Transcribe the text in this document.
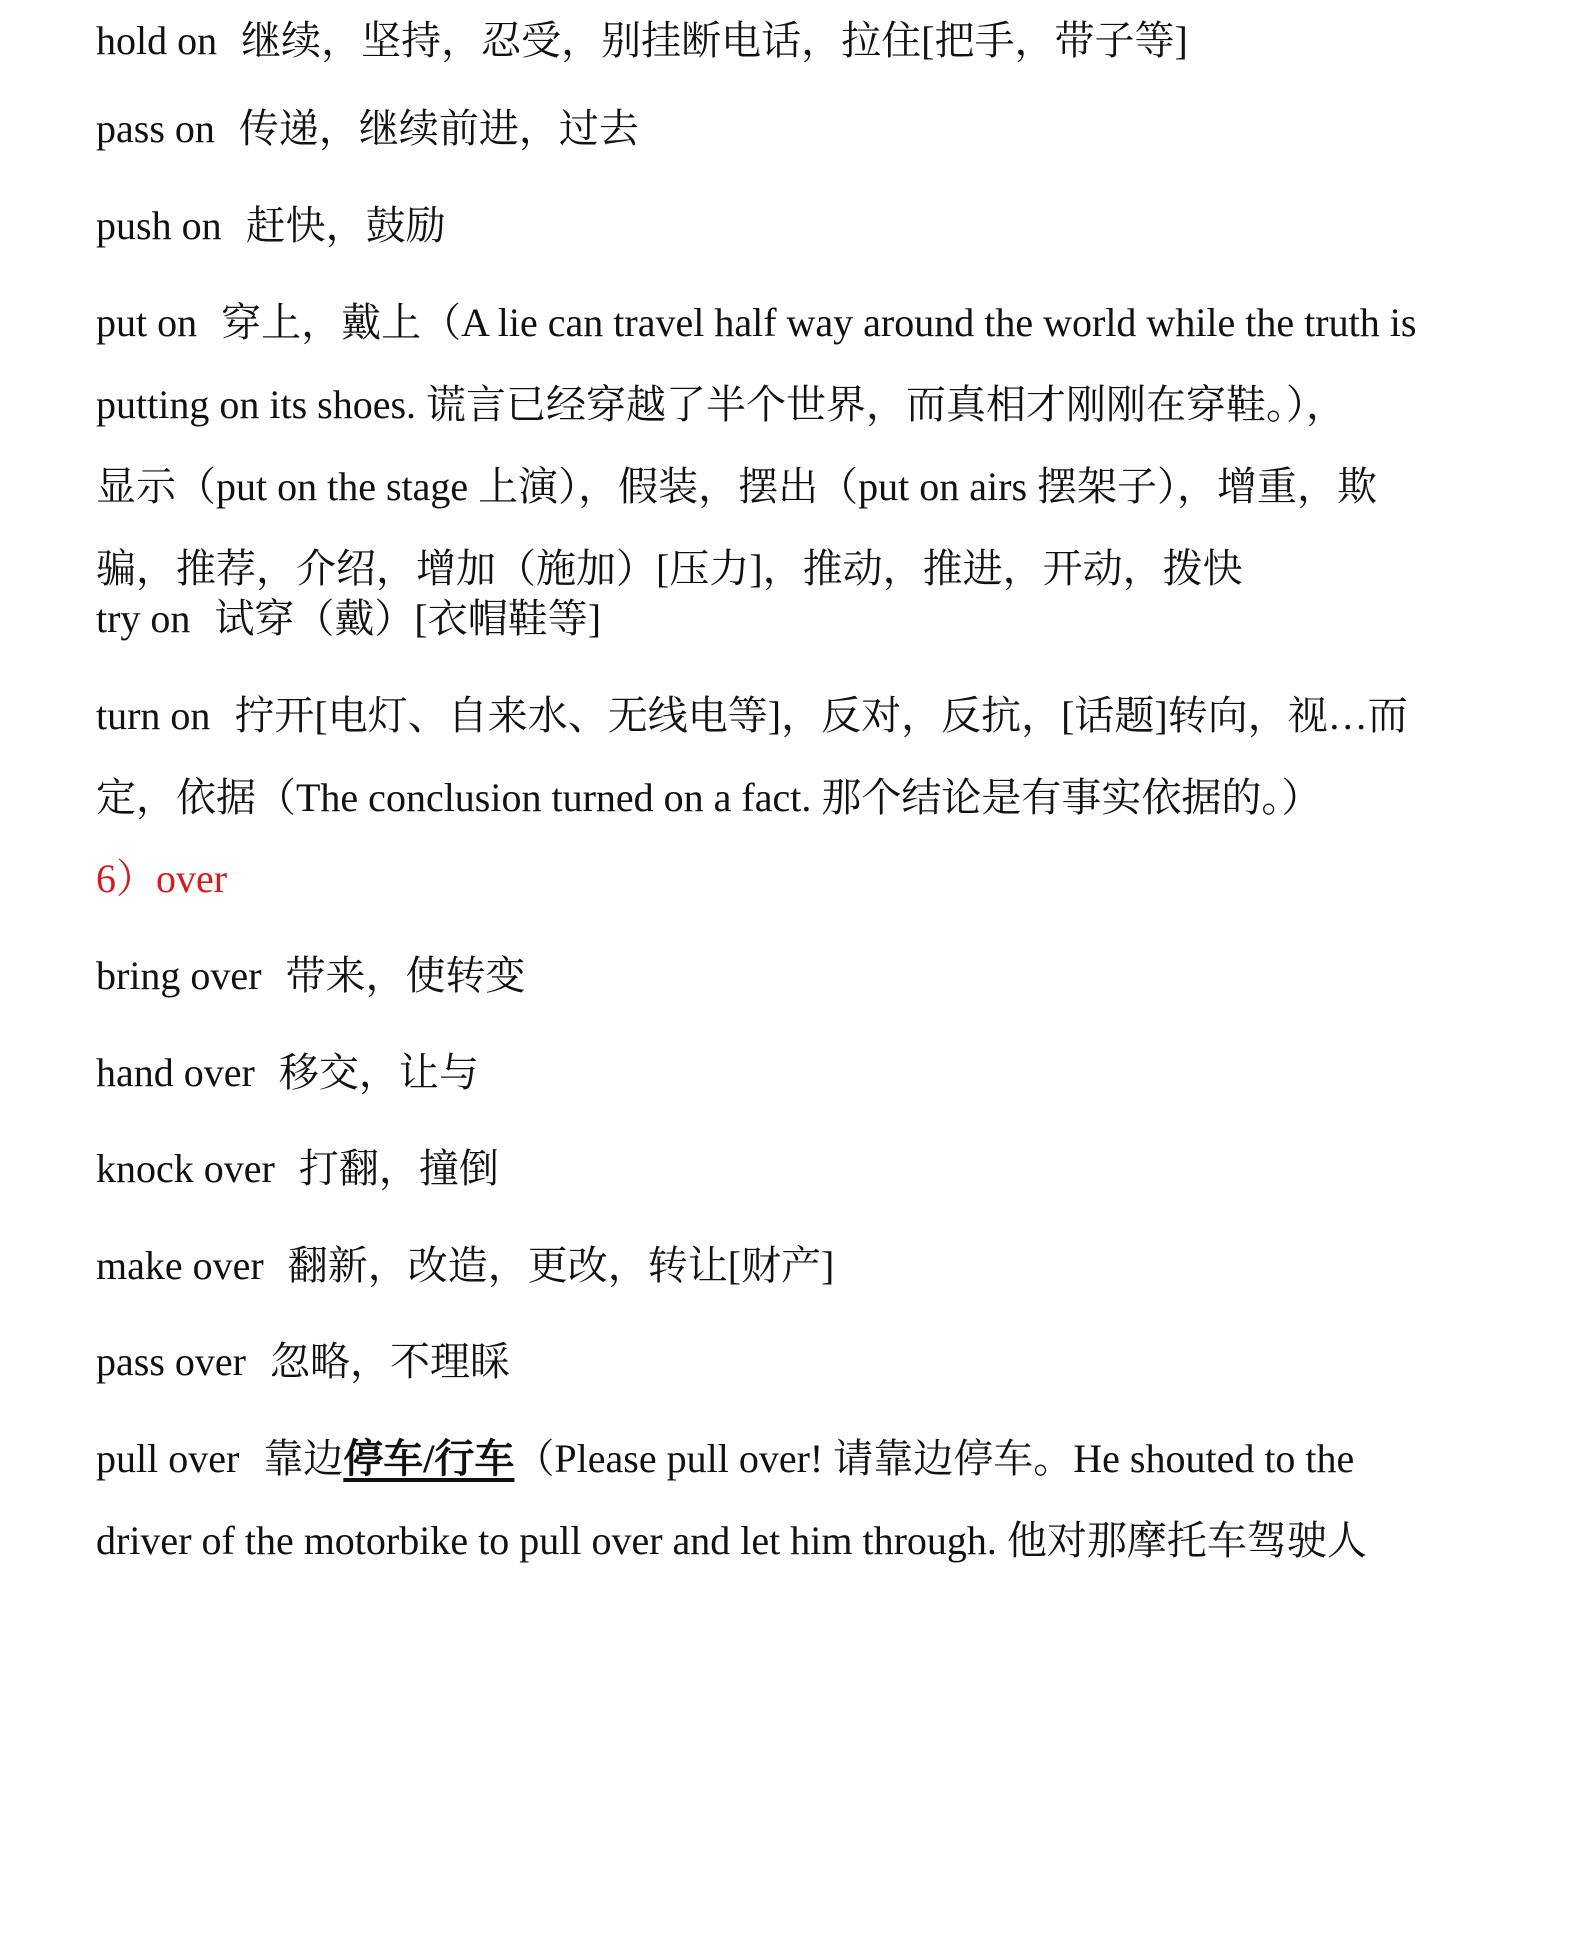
hold on 继续，坚持，忍受，别挂断电话，拉住[把手，带子等]
pass on 传递，继续前进，过去
push on 赶快，鼓励
put on 穿上，戴上（A lie can travel half way around the world while the truth is
putting on its shoes. 谎言已经穿越了半个世界，而真相才刚刚在穿鞋。），
显示（put on the stage 上演），假装，摆出（put on airs 摆架子），增重，欺
骗，推荐，介绍，增加（施加）[压力]，推动，推进，开动，拨快
try on 试穿（戴）[衣帽鞋等]
turn on 拧开[电灯、自来水、无线电等]，反对，反抗，[话题]转向，视…而
定，依据（The conclusion turned on a fact. 那个结论是有事实依据的。）
6）over
bring over 带来，使转变
hand over 移交，让与
knock over 打翻，撞倒
make over 翻新，改造，更改，转让[财产]
pass over 忽略，不理睬
pull over 靠边停车/行车（Please pull over! 请靠边停车。He shouted to the
driver of the motorbike to pull over and let him through. 他对那摩托车驾驶人
